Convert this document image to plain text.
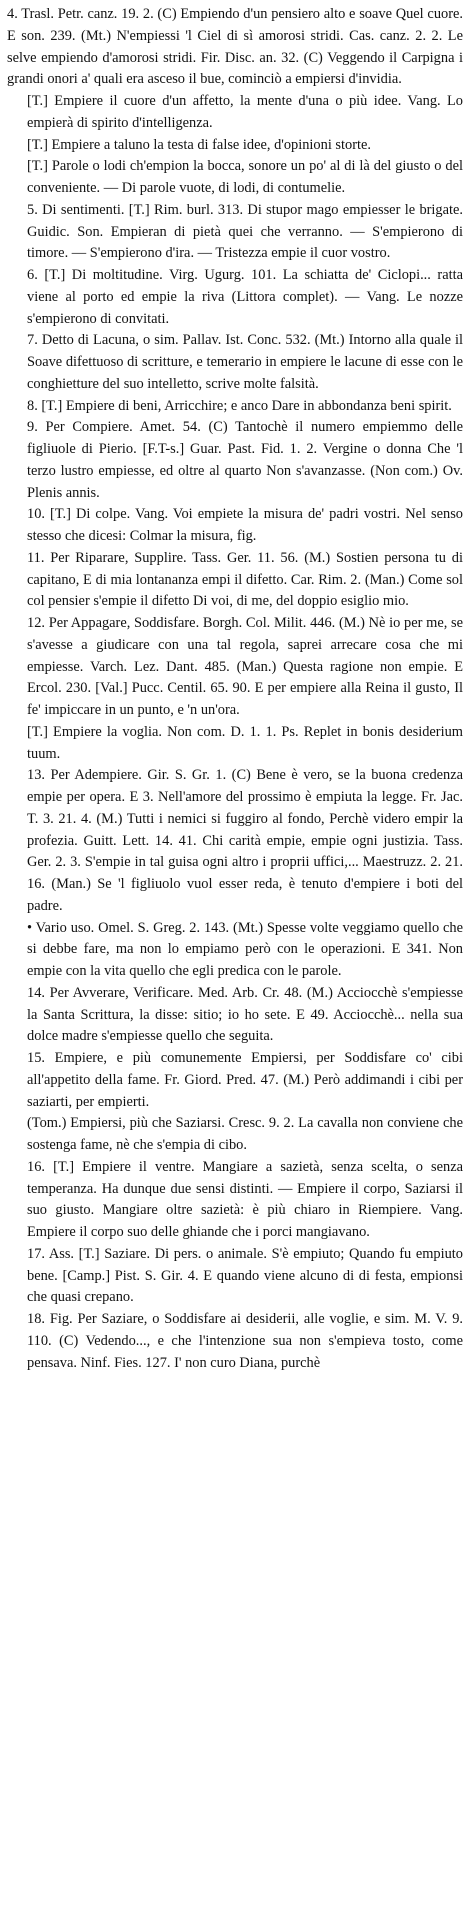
4. Trasl. Petr. canz. 19. 2. (C) Empiendo d'un pensiero alto e soave Quel cuore. E son. 239. (Mt.) N'empiessi 'l Ciel di sì amorosi stridi. Cas. canz. 2. 2. Le selve empiendo d'amorosi stridi. Fir. Disc. an. 32. (C) Veggendo il Carpigna i grandi onori a' quali era asceso il bue, cominciò a empiersi d'invidia.

[T.] Empiere il cuore d'un affetto, la mente d'una o più idee. Vang. Lo empierà di spirito d'intelligenza.

[T.] Empiere a taluno la testa di false idee, d'opinioni storte.

[T.] Parole o lodi ch'empion la bocca, sonore un po' al di là del giusto o del conveniente. — Di parole vuote, di lodi, di contumelie.

5. Di sentimenti. [T.] Rim. burl. 313. Di stupor mago empiesser le brigate. Guidic. Son. Empieran di pietà quei che verranno. — S'empierono di timore. — S'empierono d'ira. — Tristezza empie il cuor vostro.

6. [T.] Di moltitudine. Virg. Ugurg. 101. La schiatta de' Ciclopi... ratta viene al porto ed empie la riva (Littora complet). — Vang. Le nozze s'empierono di convitati.

7. Detto di Lacuna, o sim. Pallav. Ist. Conc. 532. (Mt.) Intorno alla quale il Soave difettuoso di scritture, e temerario in empiere le lacune di esse con le conghietture del suo intelletto, scrive molte falsità.

8. [T.] Empiere di beni, Arricchire; e anco Dare in abbondanza beni spirit.

9. Per Compiere. Amet. 54. (C) Tantochè il numero empiemmo delle figliuole di Pierio. [F.T-s.] Guar. Past. Fid. 1. 2. Vergine o donna Che 'l terzo lustro empiesse, ed oltre al quarto Non s'avanzasse. (Non com.) Ov. Plenis annis.

10. [T.] Di colpe. Vang. Voi empiete la misura de' padri vostri. Nel senso stesso che dicesi: Colmar la misura, fig.

11. Per Riparare, Supplire. Tass. Ger. 11. 56. (M.) Sostien persona tu di capitano, E di mia lontananza empi il difetto. Car. Rim. 2. (Man.) Come sol col pensier s'empie il difetto Di voi, di me, del doppio esiglio mio.

12. Per Appagare, Soddisfare. Borgh. Col. Milit. 446. (M.) Nè io per me, se s'avesse a giudicare con una tal regola, saprei arrecare cosa che mi empiesse. Varch. Lez. Dant. 485. (Man.) Questa ragione non empie. E Ercol. 230. [Val.] Pucc. Centil. 65. 90. E per empiere alla Reina il gusto, Il fe' impiccare in un punto, e 'n un'ora.

[T.] Empiere la voglia. Non com. D. 1. 1. Ps. Replet in bonis desiderium tuum.

13. Per Adempiere. Gir. S. Gr. 1. (C) Bene è vero, se la buona credenza empie per opera. E 3. Nell'amore del prossimo è empiuta la legge. Fr. Jac. T. 3. 21. 4. (M.) Tutti i nemici si fuggiro al fondo, Perchè videro empir la profezia. Guitt. Lett. 14. 41. Chi carità empie, empie ogni justizia. Tass. Ger. 2. 3. S'empie in tal guisa ogni altro i proprii uffici,... Maestruzz. 2. 21. 16. (Man.) Se 'l figliuolo vuol esser reda, è tenuto d'empiere i boti del padre.

• Vario uso. Omel. S. Greg. 2. 143. (Mt.) Spesse volte veggiamo quello che si debbe fare, ma non lo empiamo però con le operazioni. E 341. Non empie con la vita quello che egli predica con le parole.

14. Per Avverare, Verificare. Med. Arb. Cr. 48. (M.) Acciocchè s'empiesse la Santa Scrittura, la disse: sitio; io ho sete. E 49. Acciocchè... nella sua dolce madre s'empiesse quello che seguita.

15. Empiere, e più comunemente Empiersi, per Soddisfare co' cibi all'appetito della fame. Fr. Giord. Pred. 47. (M.) Però addimandi i cibi per saziarti, per empierti.

(Tom.) Empiersi, più che Saziarsi. Cresc. 9. 2. La cavalla non conviene che sostenga fame, nè che s'empia di cibo.

16. [T.] Empiere il ventre. Mangiare a sazietà, senza scelta, o senza temperanza. Ha dunque due sensi distinti. — Empiere il corpo, Saziarsi il suo giusto. Mangiare oltre sazietà: è più chiaro in Riempiere. Vang. Empiere il corpo suo delle ghiande che i porci mangiavano.

17. Ass. [T.] Saziare. Di pers. o animale. S'è empiuto; Quando fu empiuto bene. [Camp.] Pist. S. Gir. 4. E quando viene alcuno di di festa, empionsi che quasi crepano.

18. Fig. Per Saziare, o Soddisfare ai desiderii, alle voglie, e sim. M. V. 9. 110. (C) Vedendo..., e che l'intenzione sua non s'empieva tosto, come pensava. Ninf. Fies. 127. I' non curo Diana, purchè
